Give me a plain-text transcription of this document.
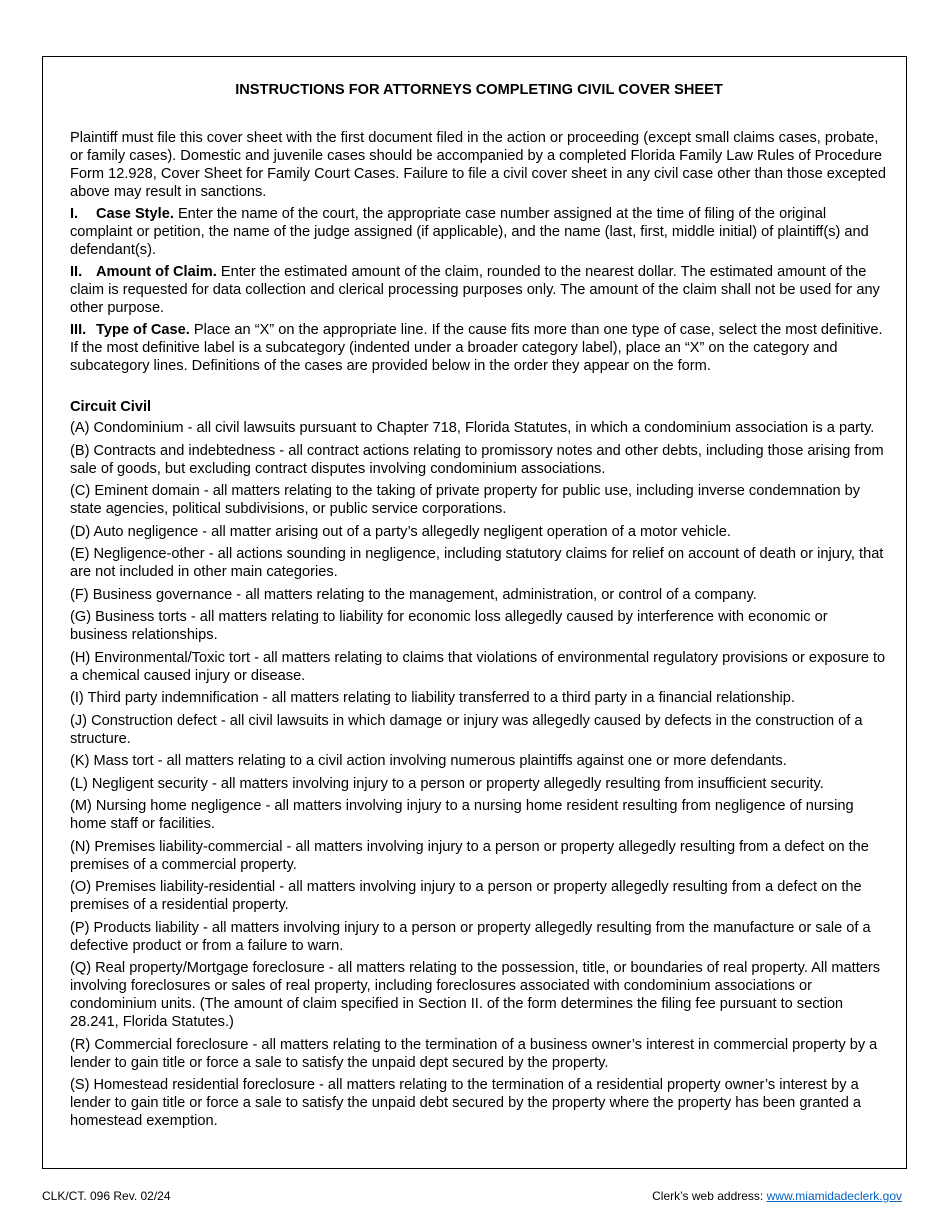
INSTRUCTIONS FOR ATTORNEYS COMPLETING CIVIL COVER SHEET
Plaintiff must file this cover sheet with the first document filed in the action or proceeding (except small claims cases, probate, or family cases). Domestic and juvenile cases should be accompanied by a completed Florida Family Law Rules of Procedure Form 12.928, Cover Sheet for Family Court Cases. Failure to file a civil cover sheet in any civil case other than those excepted above may result in sanctions.
I. Case Style. Enter the name of the court, the appropriate case number assigned at the time of filing of the original complaint or petition, the name of the judge assigned (if applicable), and the name (last, first, middle initial) of plaintiff(s) and defendant(s).
II. Amount of Claim. Enter the estimated amount of the claim, rounded to the nearest dollar. The estimated amount of the claim is requested for data collection and clerical processing purposes only. The amount of the claim shall not be used for any other purpose.
III. Type of Case. Place an “X” on the appropriate line. If the cause fits more than one type of case, select the most definitive. If the most definitive label is a subcategory (indented under a broader category label), place an “X” on the category and subcategory lines. Definitions of the cases are provided below in the order they appear on the form.
Circuit Civil
(A) Condominium - all civil lawsuits pursuant to Chapter 718, Florida Statutes, in which a condominium association is a party.
(B) Contracts and indebtedness - all contract actions relating to promissory notes and other debts, including those arising from sale of goods, but excluding contract disputes involving condominium associations.
(C) Eminent domain - all matters relating to the taking of private property for public use, including inverse condemnation by state agencies, political subdivisions, or public service corporations.
(D) Auto negligence - all matter arising out of a party’s allegedly negligent operation of a motor vehicle.
(E) Negligence-other - all actions sounding in negligence, including statutory claims for relief on account of death or injury, that are not included in other main categories.
(F) Business governance - all matters relating to the management, administration, or control of a company.
(G) Business torts - all matters relating to liability for economic loss allegedly caused by interference with economic or business relationships.
(H) Environmental/Toxic tort - all matters relating to claims that violations of environmental regulatory provisions or exposure to a chemical caused injury or disease.
(I) Third party indemnification - all matters relating to liability transferred to a third party in a financial relationship.
(J) Construction defect - all civil lawsuits in which damage or injury was allegedly caused by defects in the construction of a structure.
(K) Mass tort - all matters relating to a civil action involving numerous plaintiffs against one or more defendants.
(L) Negligent security - all matters involving injury to a person or property allegedly resulting from insufficient security.
(M) Nursing home negligence - all matters involving injury to a nursing home resident resulting from negligence of nursing home staff or facilities.
(N) Premises liability-commercial - all matters involving injury to a person or property allegedly resulting from a defect on the premises of a commercial property.
(O) Premises liability-residential - all matters involving injury to a person or property allegedly resulting from a defect on the premises of a residential property.
(P) Products liability - all matters involving injury to a person or property allegedly resulting from the manufacture or sale of a defective product or from a failure to warn.
(Q) Real property/Mortgage foreclosure - all matters relating to the possession, title, or boundaries of real property. All matters involving foreclosures or sales of real property, including foreclosures associated with condominium associations or condominium units. (The amount of claim specified in Section II. of the form determines the filing fee pursuant to section 28.241, Florida Statutes.)
(R) Commercial foreclosure - all matters relating to the termination of a business owner’s interest in commercial property by a lender to gain title or force a sale to satisfy the unpaid dept secured by the property.
(S) Homestead residential foreclosure - all matters relating to the termination of a residential property owner’s interest by a lender to gain title or force a sale to satisfy the unpaid debt secured by the property where the property has been granted a homestead exemption.
CLK/CT. 096 Rev. 02/24	Clerk’s web address: www.miamidadeclerk.gov
